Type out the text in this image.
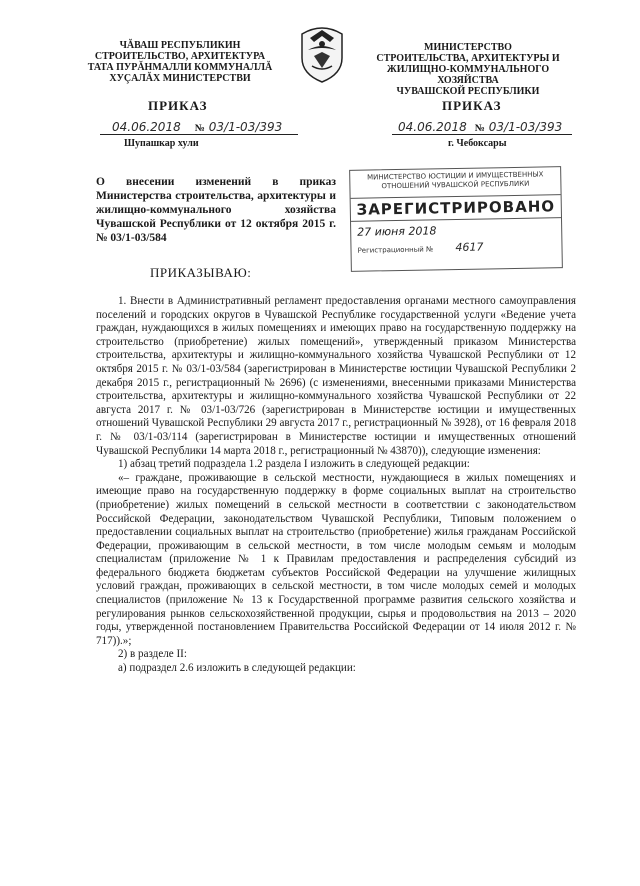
ЧĂВАШ РЕСПУБЛИКИН
СТРОИТЕЛЬСТВО, АРХИТЕКТУРА
ТАТА ПУРĂНМАЛЛИ КОММУНАЛЛĂ
ХУÇАЛĂХ МИНИСТЕРСТВИ
МИНИСТЕРСТВО
СТРОИТЕЛЬСТВА, АРХИТЕКТУРЫ И
ЖИЛИЩНО-КОММУНАЛЬНОГО ХОЗЯЙСТВА
ЧУВАШСКОЙ РЕСПУБЛИКИ
ПРИКАЗ
04.06.2018 № 03/1-03/393
Шупашкар хули
ПРИКАЗ
04.06.2018 № 03/1-03/393
г. Чебоксары
О внесении изменений в приказ Министерства строительства, архитектуры и жилищно-коммунального хозяйства Чувашской Республики от 12 октября 2015 г. № 03/1-03/584
МИНИСТЕРСТВО ЮСТИЦИИ И ИМУЩЕСТВЕННЫХ
ОТНОШЕНИЙ ЧУВАШСКОЙ РЕСПУБЛИКИ
ЗАРЕГИСТРИРОВАНО
27 июня 2018
Регистрационный № 4617
ПРИКАЗЫВАЮ:

1. Внести в Административный регламент предоставления органами местного самоуправления поселений и городских округов в Чувашской Республике государственной услуги «Ведение учета граждан, нуждающихся в жилых помещениях и имеющих право на государственную поддержку на строительство (приобретение) жилых помещений», утвержденный приказом Министерства строительства, архитектуры и жилищно-коммунального хозяйства Чувашской Республики от 12 октября 2015 г. № 03/1-03/584 (зарегистрирован в Министерстве юстиции Чувашской Республики 2 декабря 2015 г., регистрационный № 2696) (с изменениями, внесенными приказами Министерства строительства, архитектуры и жилищно-коммунального хозяйства Чувашской Республики от 22 августа 2017 г. № 03/1-03/726 (зарегистрирован в Министерстве юстиции и имущественных отношений Чувашской Республики 29 августа 2017 г., регистрационный № 3928), от 16 февраля 2018 г. № 03/1-03/114 (зарегистрирован в Министерстве юстиции и имущественных отношений Чувашской Республики 14 марта 2018 г., регистрационный № 43870)), следующие изменения:

1) абзац третий подраздела 1.2 раздела I изложить в следующей редакции:

«– граждане, проживающие в сельской местности, нуждающиеся в жилых помещениях и имеющие право на государственную поддержку в форме социальных выплат на строительство (приобретение) жилых помещений в сельской местности в соответствии с законодательством Российской Федерации, законодательством Чувашской Республики, Типовым положением о предоставлении социальных выплат на строительство (приобретение) жилья гражданам Российской Федерации, проживающим в сельской местности, в том числе молодым семьям и молодым специалистам (приложение № 1 к Правилам предоставления и распределения субсидий из федерального бюджета бюджетам субъектов Российской Федерации на улучшение жилищных условий граждан, проживающих в сельской местности, в том числе молодых семей и молодых специалистов (приложение № 13 к Государственной программе развития сельского хозяйства и регулирования рынков сельскохозяйственной продукции, сырья и продовольствия на 2013 – 2020 годы, утвержденной постановлением Правительства Российской Федерации от 14 июля 2012 г. № 717)).»;

2) в разделе II:

а) подраздел 2.6 изложить в следующей редакции:
